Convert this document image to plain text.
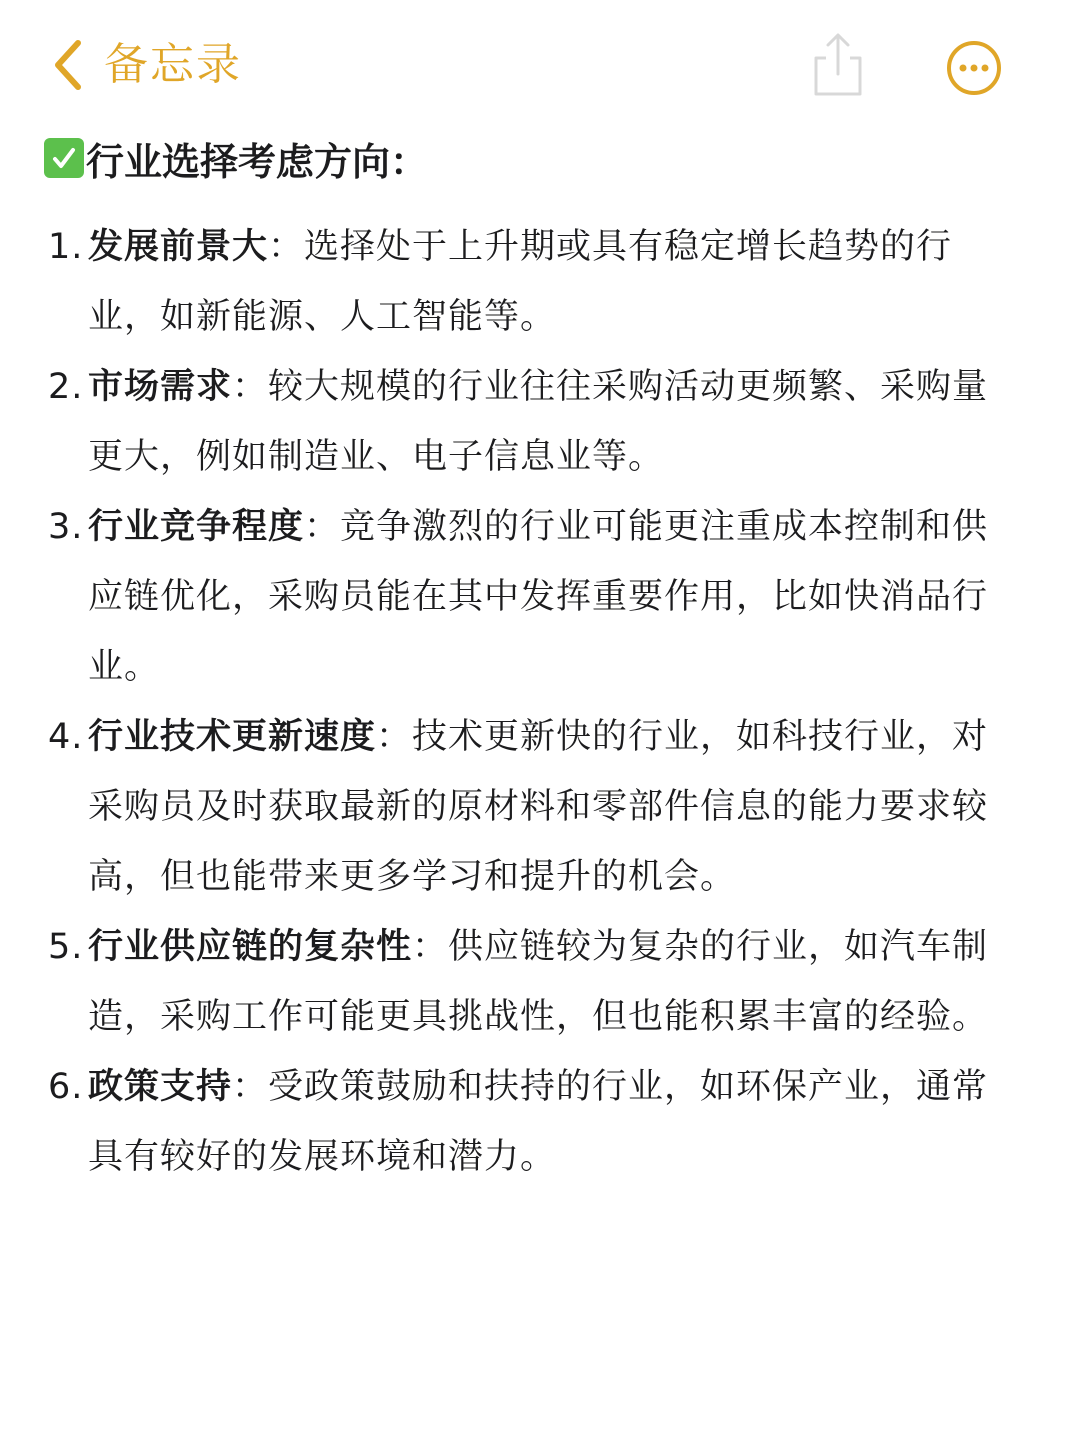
备忘录
行业选择考虑方向：
1. 发展前景大：选择处于上升期或具有稳定增长趋势的行业，如新能源、人工智能等。
2. 市场需求：较大规模的行业往往采购活动更频繁、采购量更大，例如制造业、电子信息业等。
3. 行业竞争程度：竞争激烈的行业可能更注重成本控制和供应链优化，采购员能在其中发挥重要作用，比如快消品行业。
4. 行业技术更新速度：技术更新快的行业，如科技行业，对采购员及时获取最新的原材料和零部件信息的能力要求较高，但也能带来更多学习和提升的机会。
5. 行业供应链的复杂性：供应链较为复杂的行业，如汽车制造，采购工作可能更具挑战性，但也能积累丰富的经验。
6. 政策支持：受政策鼓励和扶持的行业，如环保产业，通常具有较好的发展环境和潜力。
